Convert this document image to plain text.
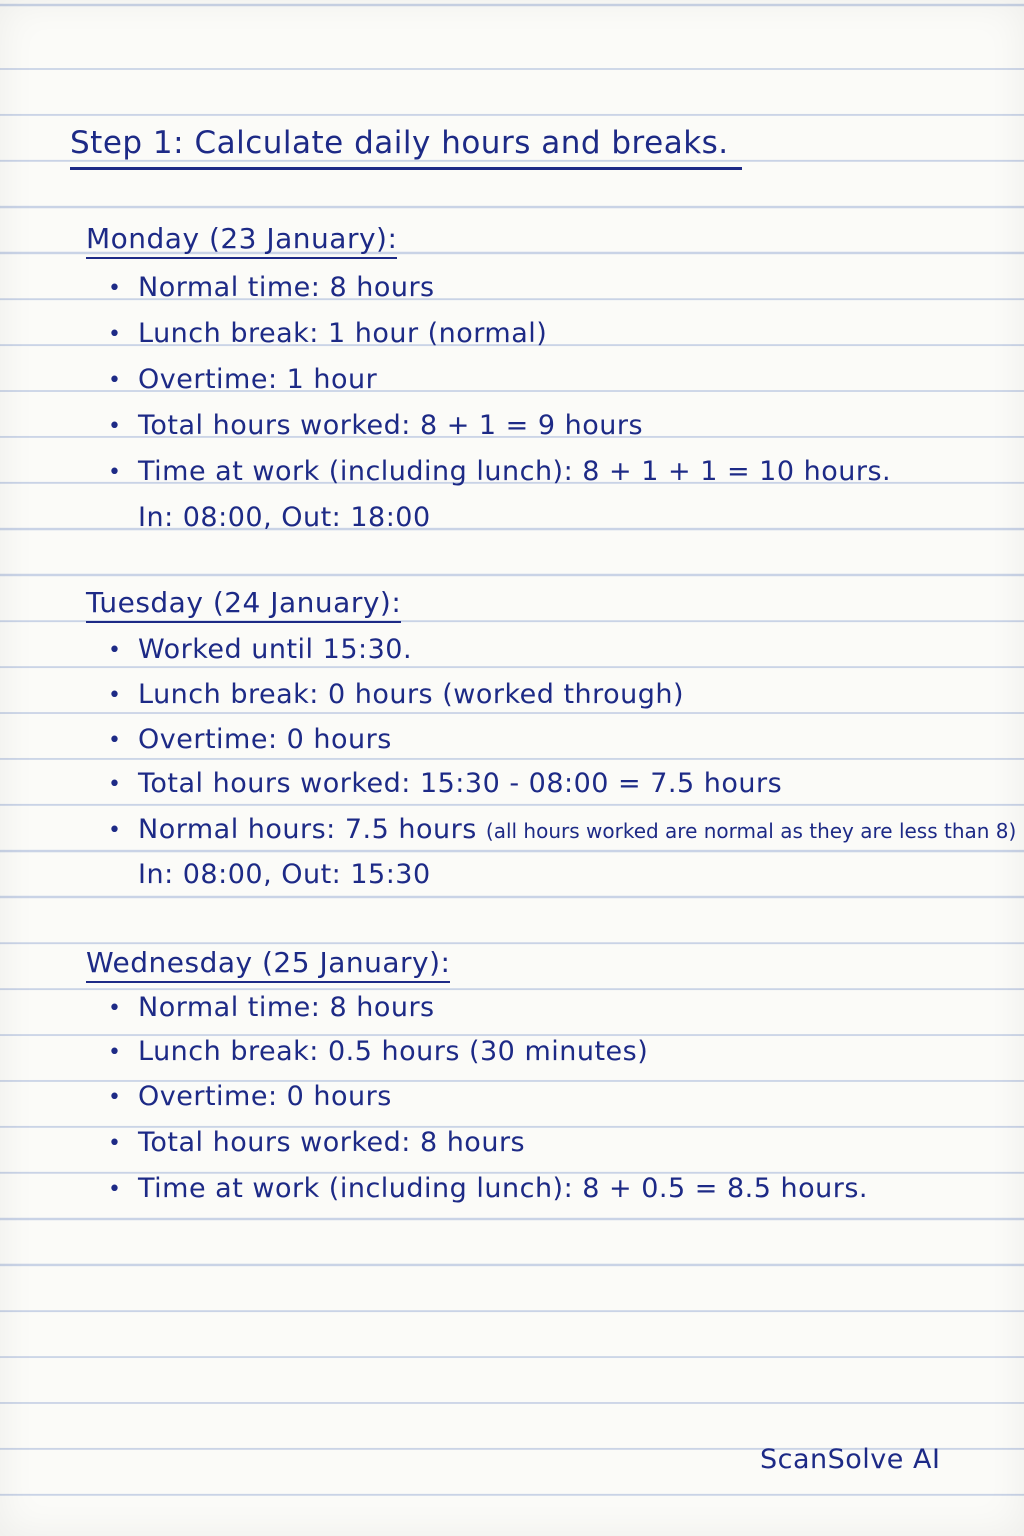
Step 1: Calculate daily hours and breaks.
Monday (23 January):
• Normal time: 8 hours
• Lunch break: 1 hour (normal)
• Overtime: 1 hour
• Total hours worked: 8 + 1 = 9 hours
• Time at work (including lunch): 8 + 1 + 1 = 10 hours.
In: 08:00, Out: 18:00
Tuesday (24 January):
• Worked until 15:30.
• Lunch break: 0 hours (worked through)
• Overtime: 0 hours
• Total hours worked: 15:30 - 08:00 = 7.5 hours
• Normal hours: 7.5 hours (all hours worked are normal as they are less than 8)
In: 08:00, Out: 15:30
Wednesday (25 January):
• Normal time: 8 hours
• Lunch break: 0.5 hours (30 minutes)
• Overtime: 0 hours
• Total hours worked: 8 hours
• Time at work (including lunch): 8 + 0.5 = 8.5 hours.
ScanSolve AI
